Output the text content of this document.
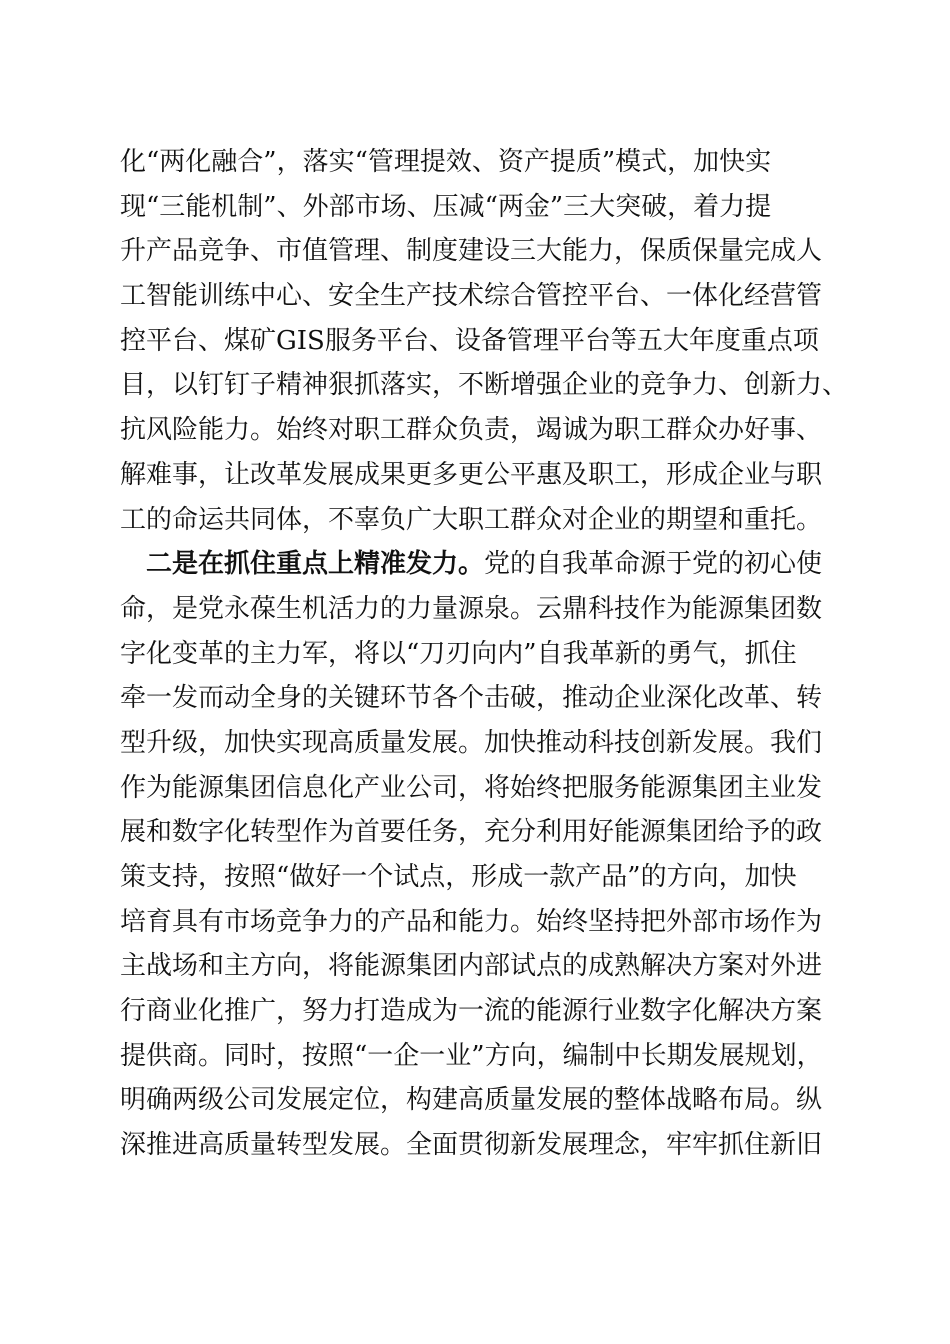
化“两化融合”，落实“管理提效、资产提质”模式，加快实
现“三能机制”、外部市场、压减“两金”三大突破，着力提
升产品竞争、市值管理、制度建设三大能力，保质保量完成人
工智能训练中心、安全生产技术综合管控平台、一体化经营管
控平台、煤矿GIS服务平台、设备管理平台等五大年度重点项
目，以钉钉子精神狠抓落实，不断增强企业的竞争力、创新力、
抗风险能力。始终对职工群众负责，竭诚为职工群众办好事、
解难事，让改革发展成果更多更公平惠及职工，形成企业与职
工的命运共同体，不辜负广大职工群众对企业的期望和重托。
二是在抓住重点上精准发力。党的自我革命源于党的初心使
命，是党永葆生机活力的力量源泉。云鼎科技作为能源集团数
字化变革的主力军，将以“刀刃向内”自我革新的勇气，抓住
牵一发而动全身的关键环节各个击破，推动企业深化改革、转
型升级，加快实现高质量发展。加快推动科技创新发展。我们
作为能源集团信息化产业公司，将始终把服务能源集团主业发
展和数字化转型作为首要任务，充分利用好能源集团给予的政
策支持，按照“做好一个试点，形成一款产品”的方向，加快
培育具有市场竞争力的产品和能力。始终坚持把外部市场作为
主战场和主方向，将能源集团内部试点的成熟解决方案对外进
行商业化推广，努力打造成为一流的能源行业数字化解决方案
提供商。同时，按照“一企一业”方向，编制中长期发展规划，
明确两级公司发展定位，构建高质量发展的整体战略布局。纵
深推进高质量转型发展。全面贯彻新发展理念，牢牢抓住新旧
